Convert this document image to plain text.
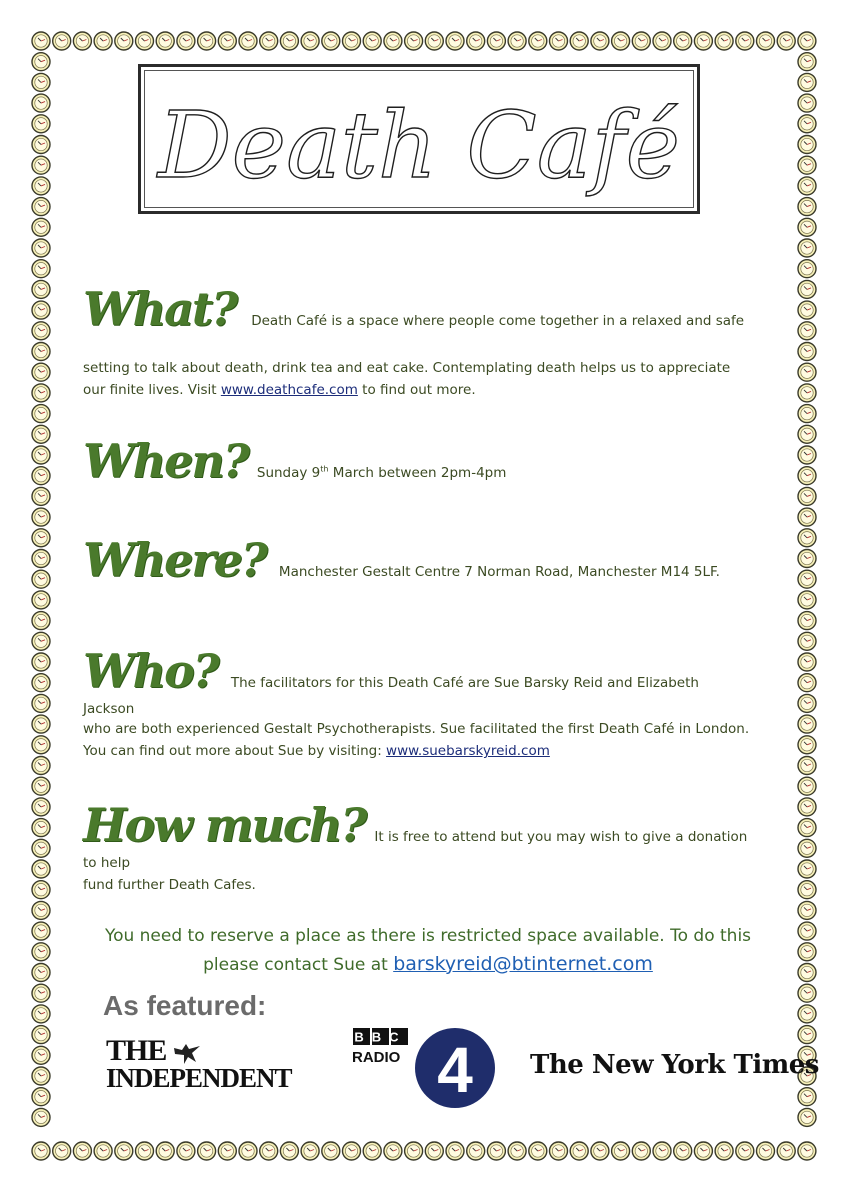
Death Café
What? Death Café is a space where people come together in a relaxed and safe
setting to talk about death, drink tea and eat cake. Contemplating death helps us to appreciate our finite lives. Visit www.deathcafe.com to find out more.
When? Sunday 9th March between 2pm-4pm
Where? Manchester Gestalt Centre 7 Norman Road, Manchester M14 5LF.
Who? The facilitators for this Death Café are Sue Barsky Reid and Elizabeth Jackson
who are both experienced Gestalt Psychotherapists. Sue facilitated the first Death Café in London. You can find out more about Sue by visiting: www.suebarskyreid.com
How much? It is free to attend but you may wish to give a donation to help
fund further Death Cafes.
You need to reserve a place as there is restricted space available. To do this
please contact Sue at barskyreid@btinternet.com
As featured:
THE
INDEPENDENT
BBC
RADIO 4 The New York Times
